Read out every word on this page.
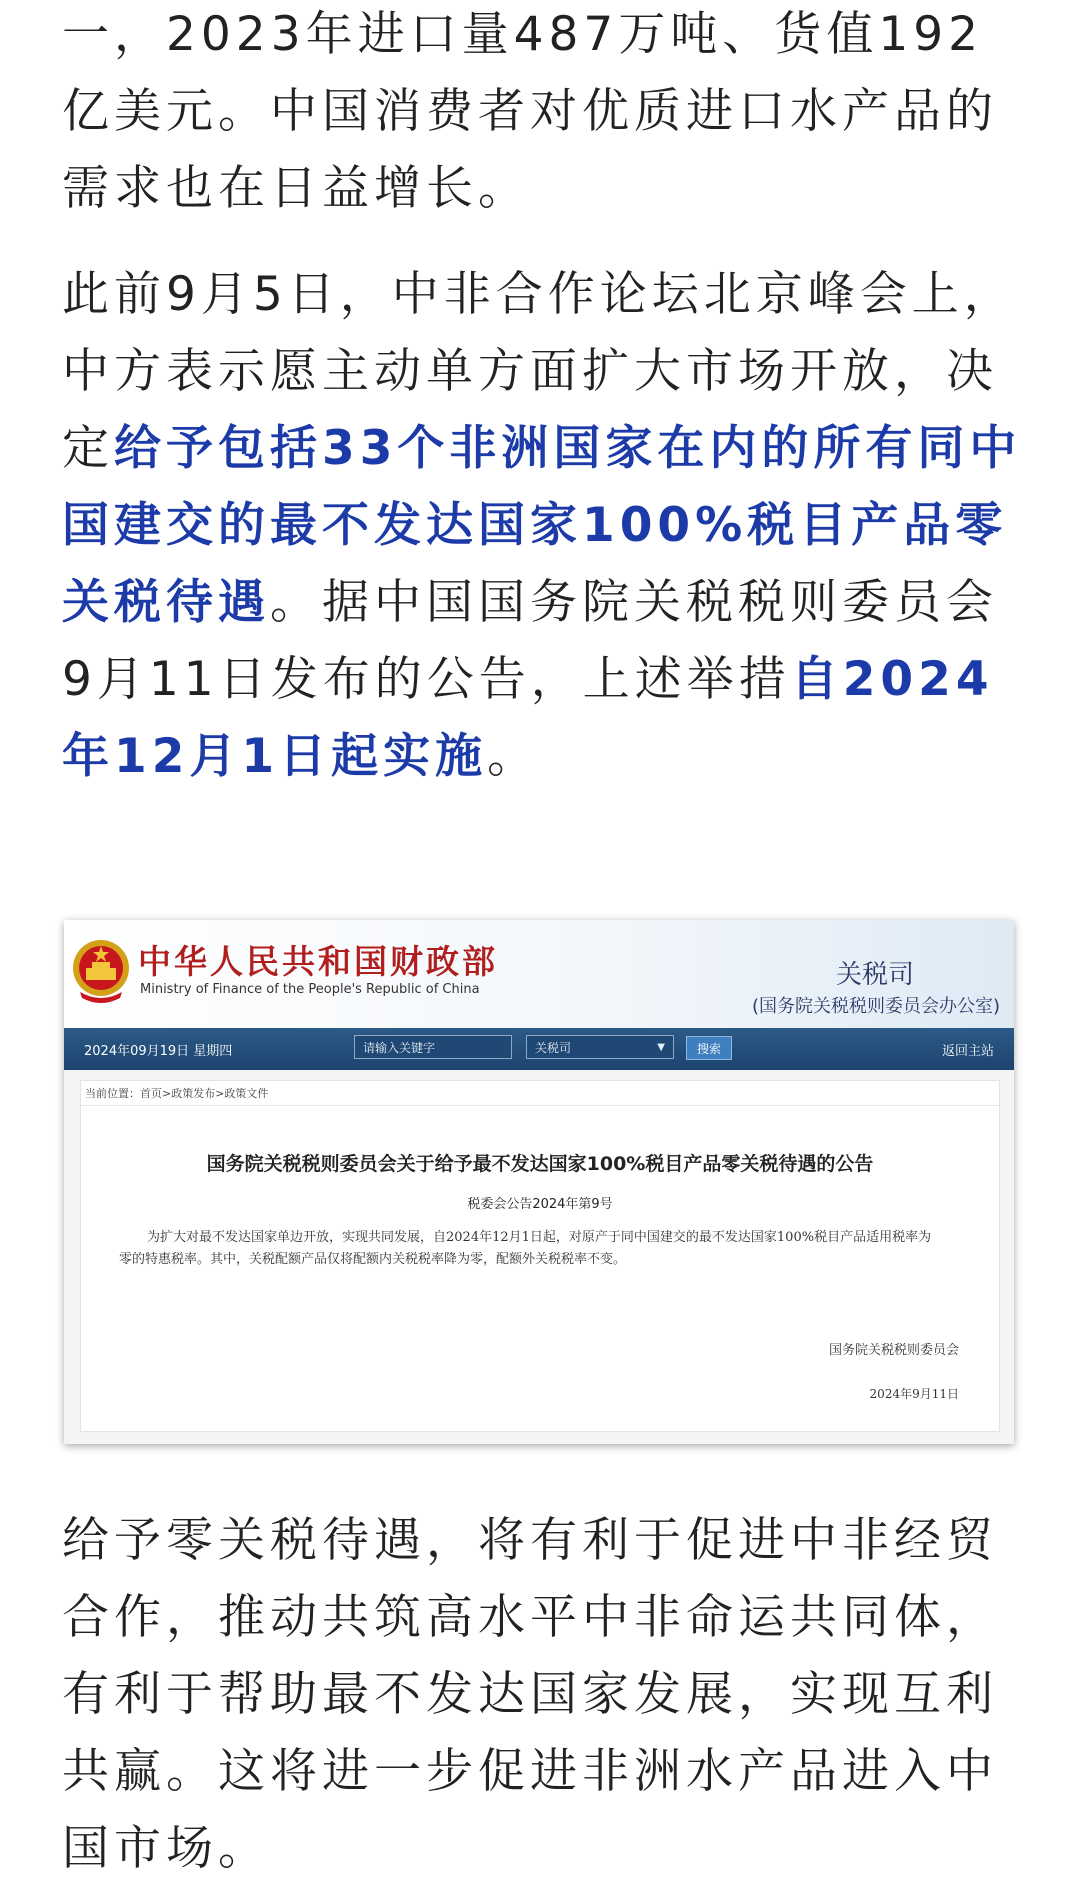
一，2023年进口量487万吨、货值192亿美元。中国消费者对优质进口水产品的需求也在日益增长。

此前9月5日，中非合作论坛北京峰会上，中方表示愿主动单方面扩大市场开放，决定给予包括33个非洲国家在内的所有同中国建交的最不发达国家100%税目产品零关税待遇。据中国国务院关税税则委员会9月11日发布的公告，上述举措自2024年12月1日起实施。

中华人民共和国财政部
Ministry of Finance of the People's Republic of China	关税司
(国务院关税税则委员会办公室)
2024年09月19日 星期四	请输入关键字	关税司	▼	搜索	返回主站
当前位置：首页>政策发布>政策文件
国务院关税税则委员会关于给予最不发达国家100%税目产品零关税待遇的公告
税委会公告2024年第9号
为扩大对最不发达国家单边开放，实现共同发展，自2024年12月1日起，对原产于同中国建交的最不发达国家100%税目产品适用税率为零的特惠税率。其中，关税配额产品仅将配额内关税税率降为零，配额外关税税率不变。
国务院关税税则委员会
2024年9月11日

给予零关税待遇，将有利于促进中非经贸合作，推动共筑高水平中非命运共同体，有利于帮助最不发达国家发展，实现互利共赢。这将进一步促进非洲水产品进入中国市场。
